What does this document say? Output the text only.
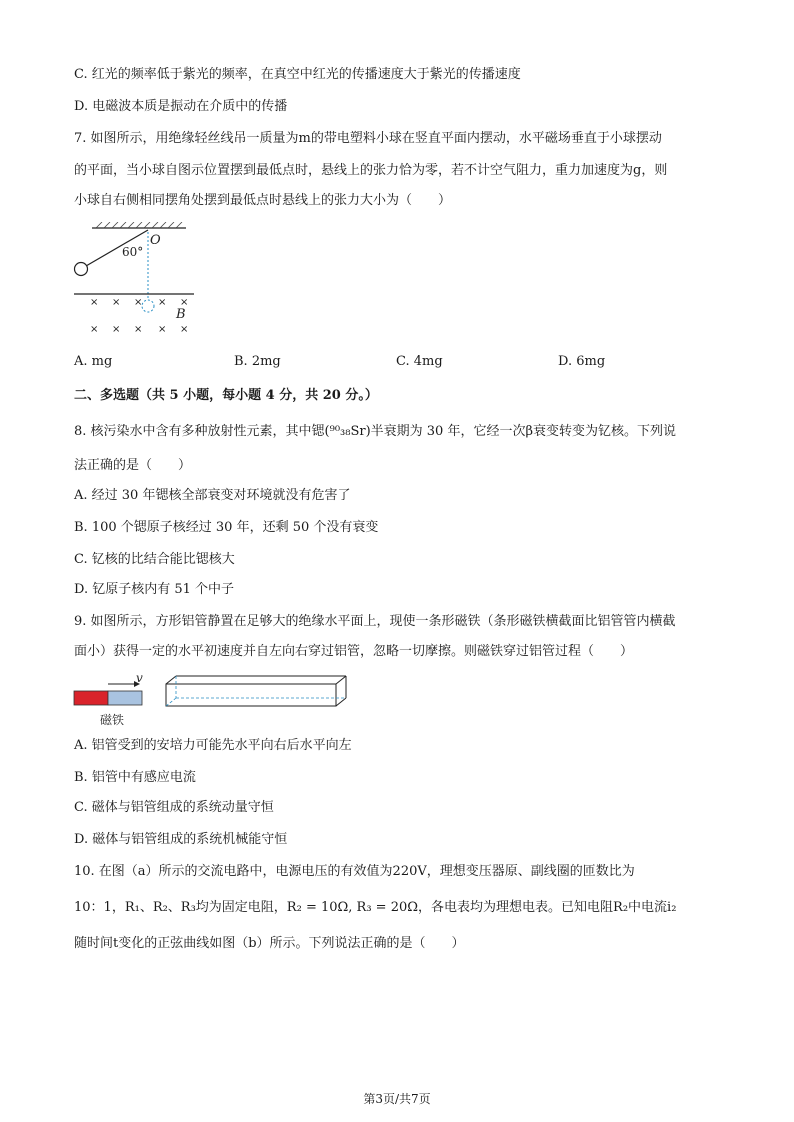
C. 红光的频率低于紫光的频率，在真空中红光的传播速度大于紫光的传播速度
D. 电磁波本质是振动在介质中的传播
7. 如图所示，用绝缘轻丝线吊一质量为m的带电塑料小球在竖直平面内摆动，水平磁场垂直于小球摆动
的平面，当小球自图示位置摆到最低点时，悬线上的张力恰为零，若不计空气阻力，重力加速度为g，则
小球自右侧相同摆角处摆到最低点时悬线上的张力大小为（　　）
O
60°
× × × × ×
× × × × ×
B
A. mg	B. 2mg	C. 4mg	D. 6mg
二、多选题（共 5 小题，每小题 4 分，共 20 分。）
8. 核污染水中含有多种放射性元素，其中锶(⁹⁰₃₈Sr)半衰期为 30 年，它经一次β衰变转变为钇核。下列说
法正确的是（　　）
A. 经过 30 年锶核全部衰变对环境就没有危害了
B. 100 个锶原子核经过 30 年，还剩 50 个没有衰变
C. 钇核的比结合能比锶核大
D. 钇原子核内有 51 个中子
9. 如图所示，方形铝管静置在足够大的绝缘水平面上，现使一条形磁铁（条形磁铁横截面比铝管管内横截
面小）获得一定的水平初速度并自左向右穿过铝管，忽略一切摩擦。则磁铁穿过铝管过程（　　）
v
磁铁
A. 铝管受到的安培力可能先水平向右后水平向左
B. 铝管中有感应电流
C. 磁体与铝管组成的系统动量守恒
D. 磁体与铝管组成的系统机械能守恒
10. 在图（a）所示的交流电路中，电源电压的有效值为220V，理想变压器原、副线圈的匝数比为
10：1，R₁、R₂、R₃均为固定电阻，R₂ = 10Ω, R₃ = 20Ω，各电表均为理想电表。已知电阻R₂中电流i₂
随时间t变化的正弦曲线如图（b）所示。下列说法正确的是（　　）
第3页/共7页
